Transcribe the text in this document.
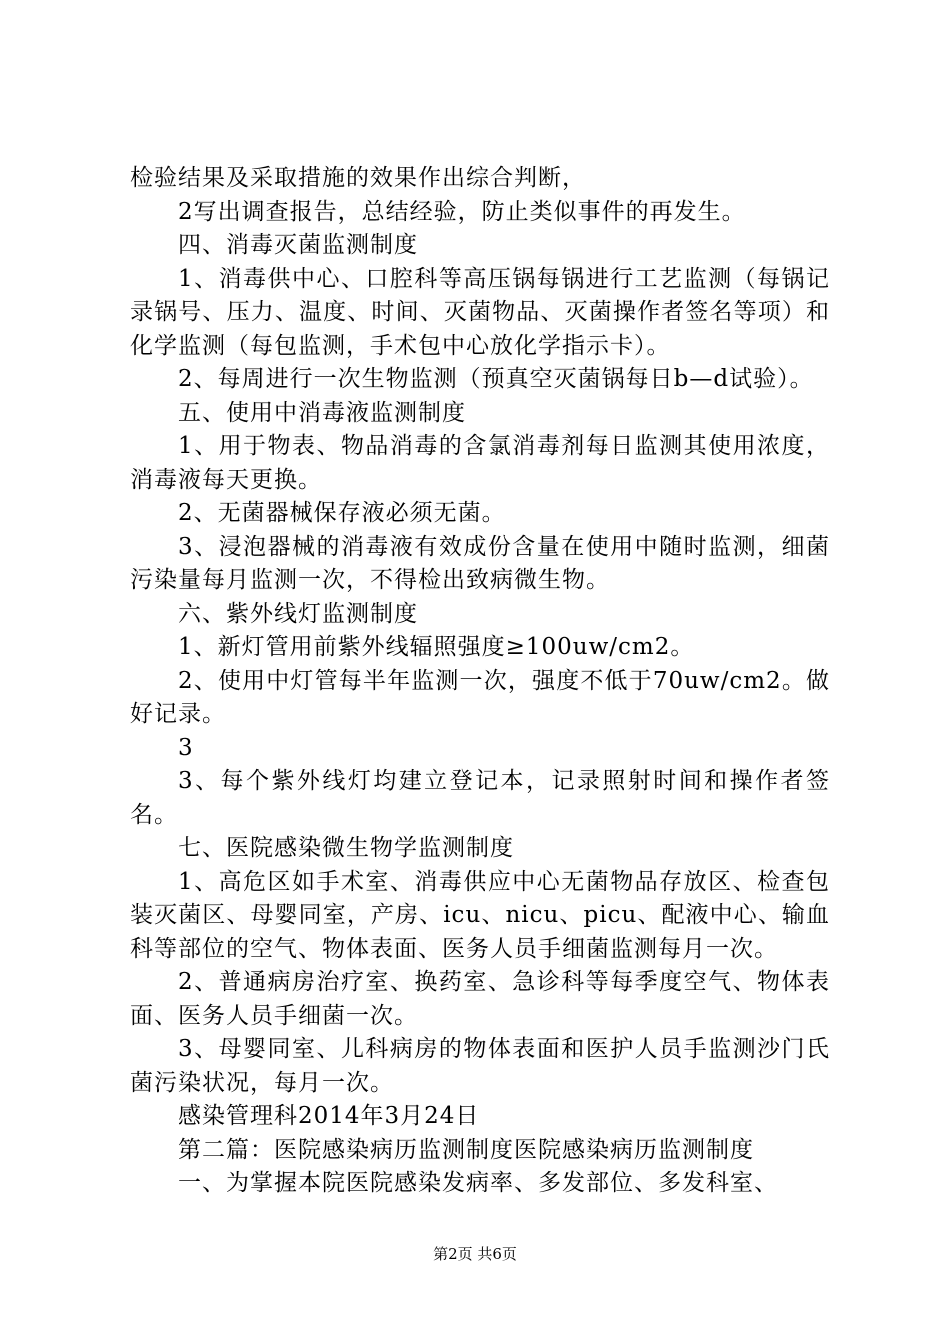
检验结果及采取措施的效果作出综合判断，

2写出调查报告，总结经验，防止类似事件的再发生。

四、消毒灭菌监测制度

1、消毒供中心、口腔科等高压锅每锅进行工艺监测（每锅记录锅号、压力、温度、时间、灭菌物品、灭菌操作者签名等项）和化学监测（每包监测，手术包中心放化学指示卡）。

2、每周进行一次生物监测（预真空灭菌锅每日b—d试验）。

五、使用中消毒液监测制度

1、用于物表、物品消毒的含氯消毒剂每日监测其使用浓度，消毒液每天更换。

2、无菌器械保存液必须无菌。

3、浸泡器械的消毒液有效成份含量在使用中随时监测，细菌污染量每月监测一次，不得检出致病微生物。

六、紫外线灯监测制度

1、新灯管用前紫外线辐照强度≥100uw/cm2。

2、使用中灯管每半年监测一次，强度不低于70uw/cm2。做好记录。

3

3、每个紫外线灯均建立登记本，记录照射时间和操作者签名。

七、医院感染微生物学监测制度

1、高危区如手术室、消毒供应中心无菌物品存放区、检查包装灭菌区、母婴同室，产房、icu、nicu、picu、配液中心、输血科等部位的空气、物体表面、医务人员手细菌监测每月一次。

2、普通病房治疗室、换药室、急诊科等每季度空气、物体表面、医务人员手细菌一次。

3、母婴同室、儿科病房的物体表面和医护人员手监测沙门氏菌污染状况，每月一次。

感染管理科2014年3月24日

第二篇：医院感染病历监测制度医院感染病历监测制度

一、为掌握本院医院感染发病率、多发部位、多发科室、

第2页 共6页
